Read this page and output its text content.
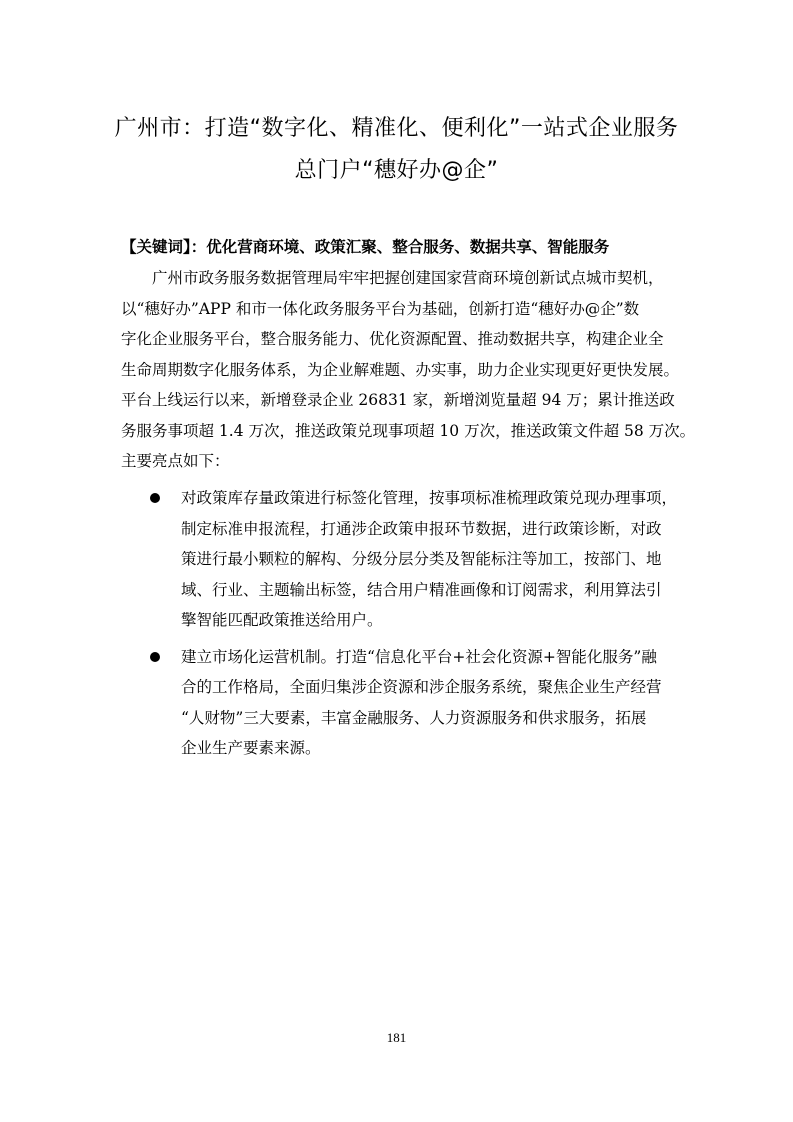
广州市：打造“数字化、精准化、便利化”一站式企业服务
总门户“穗好办@企”
【关键词】：优化营商环境、政策汇聚、整合服务、数据共享、智能服务
广州市政务服务数据管理局牢牢把握创建国家营商环境创新试点城市契机，
以“穗好办”APP 和市一体化政务服务平台为基础，创新打造“穗好办@企”数
字化企业服务平台，整合服务能力、优化资源配置、推动数据共享，构建企业全
生命周期数字化服务体系，为企业解难题、办实事，助力企业实现更好更快发展。
平台上线运行以来，新增登录企业 26831 家，新增浏览量超 94 万；累计推送政
务服务事项超 1.4 万次，推送政策兑现事项超 10 万次，推送政策文件超 58 万次。
主要亮点如下：
对政策库存量政策进行标签化管理，按事项标准梳理政策兑现办理事项，
制定标准申报流程，打通涉企政策申报环节数据，进行政策诊断，对政
策进行最小颗粒的解构、分级分层分类及智能标注等加工，按部门、地
域、行业、主题输出标签，结合用户精准画像和订阅需求，利用算法引
擎智能匹配政策推送给用户。
建立市场化运营机制。打造“信息化平台+社会化资源+智能化服务”融
合的工作格局，全面归集涉企资源和涉企服务系统，聚焦企业生产经营
“人财物”三大要素，丰富金融服务、人力资源服务和供求服务，拓展
企业生产要素来源。
181
